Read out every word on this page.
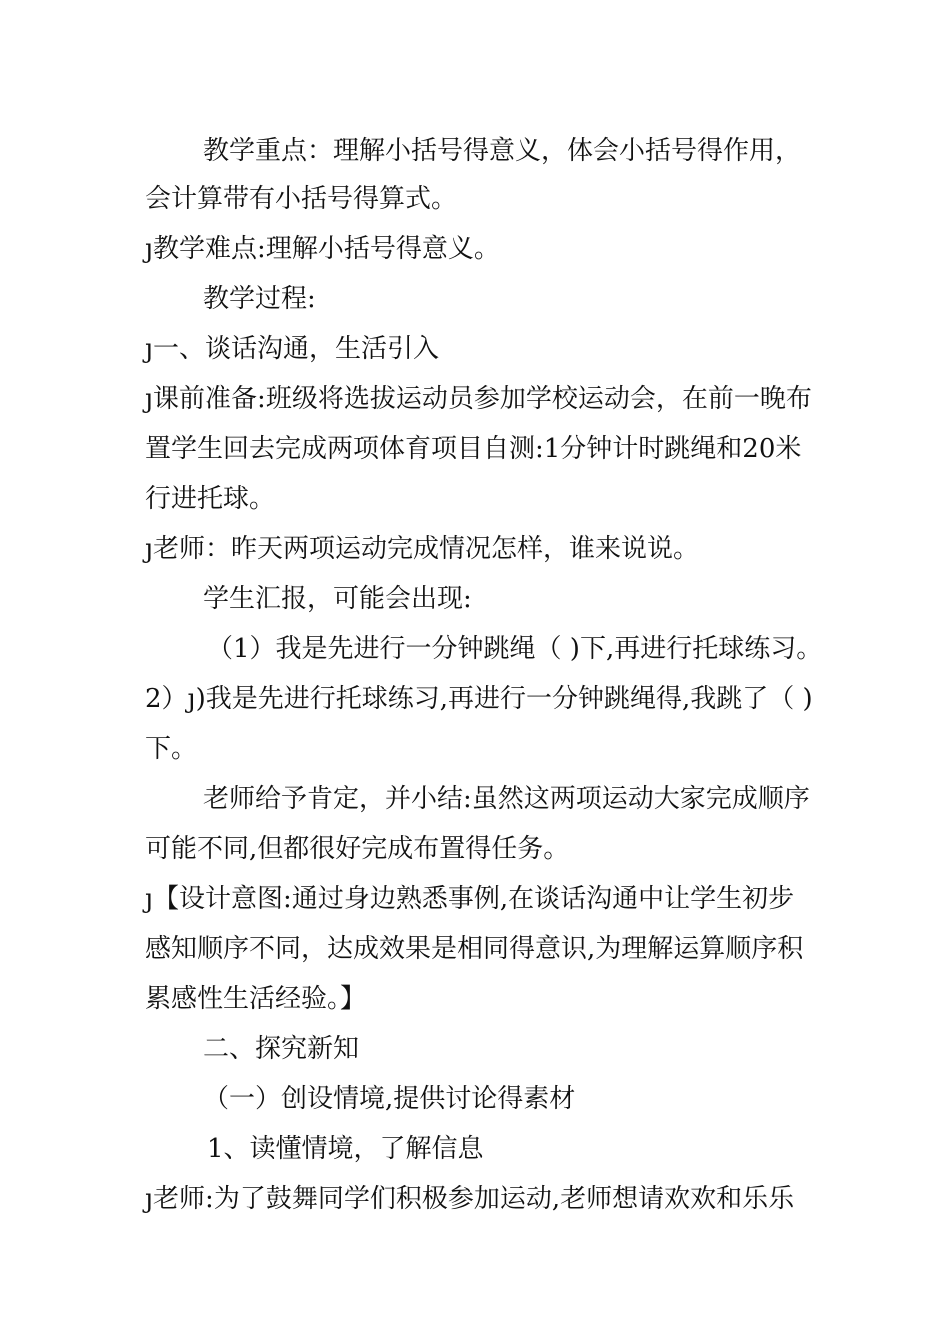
教学重点：理解小括号得意义，体会小括号得作用，
会计算带有小括号得算式。
ȷ教学难点:理解小括号得意义。
教学过程:
ȷ一、谈话沟通，生活引入
ȷ课前准备:班级将选拔运动员参加学校运动会，在前一晚布
置学生回去完成两项体育项目自测:1分钟计时跳绳和20米
行进托球。
ȷ老师：昨天两项运动完成情况怎样，谁来说说。
学生汇报，可能会出现:
（1）我是先进行一分钟跳绳（ )下,再进行托球练习。
2）ȷ)我是先进行托球练习,再进行一分钟跳绳得,我跳了（ )
下。
老师给予肯定，并小结:虽然这两项运动大家完成顺序
可能不同,但都很好完成布置得任务。
ȷ【设计意图:通过身边熟悉事例,在谈话沟通中让学生初步
感知顺序不同，达成效果是相同得意识,为理解运算顺序积
累感性生活经验。】
二、探究新知
（一）创设情境,提供讨论得素材
1、读懂情境，了解信息
ȷ老师:为了鼓舞同学们积极参加运动,老师想请欢欢和乐乐
